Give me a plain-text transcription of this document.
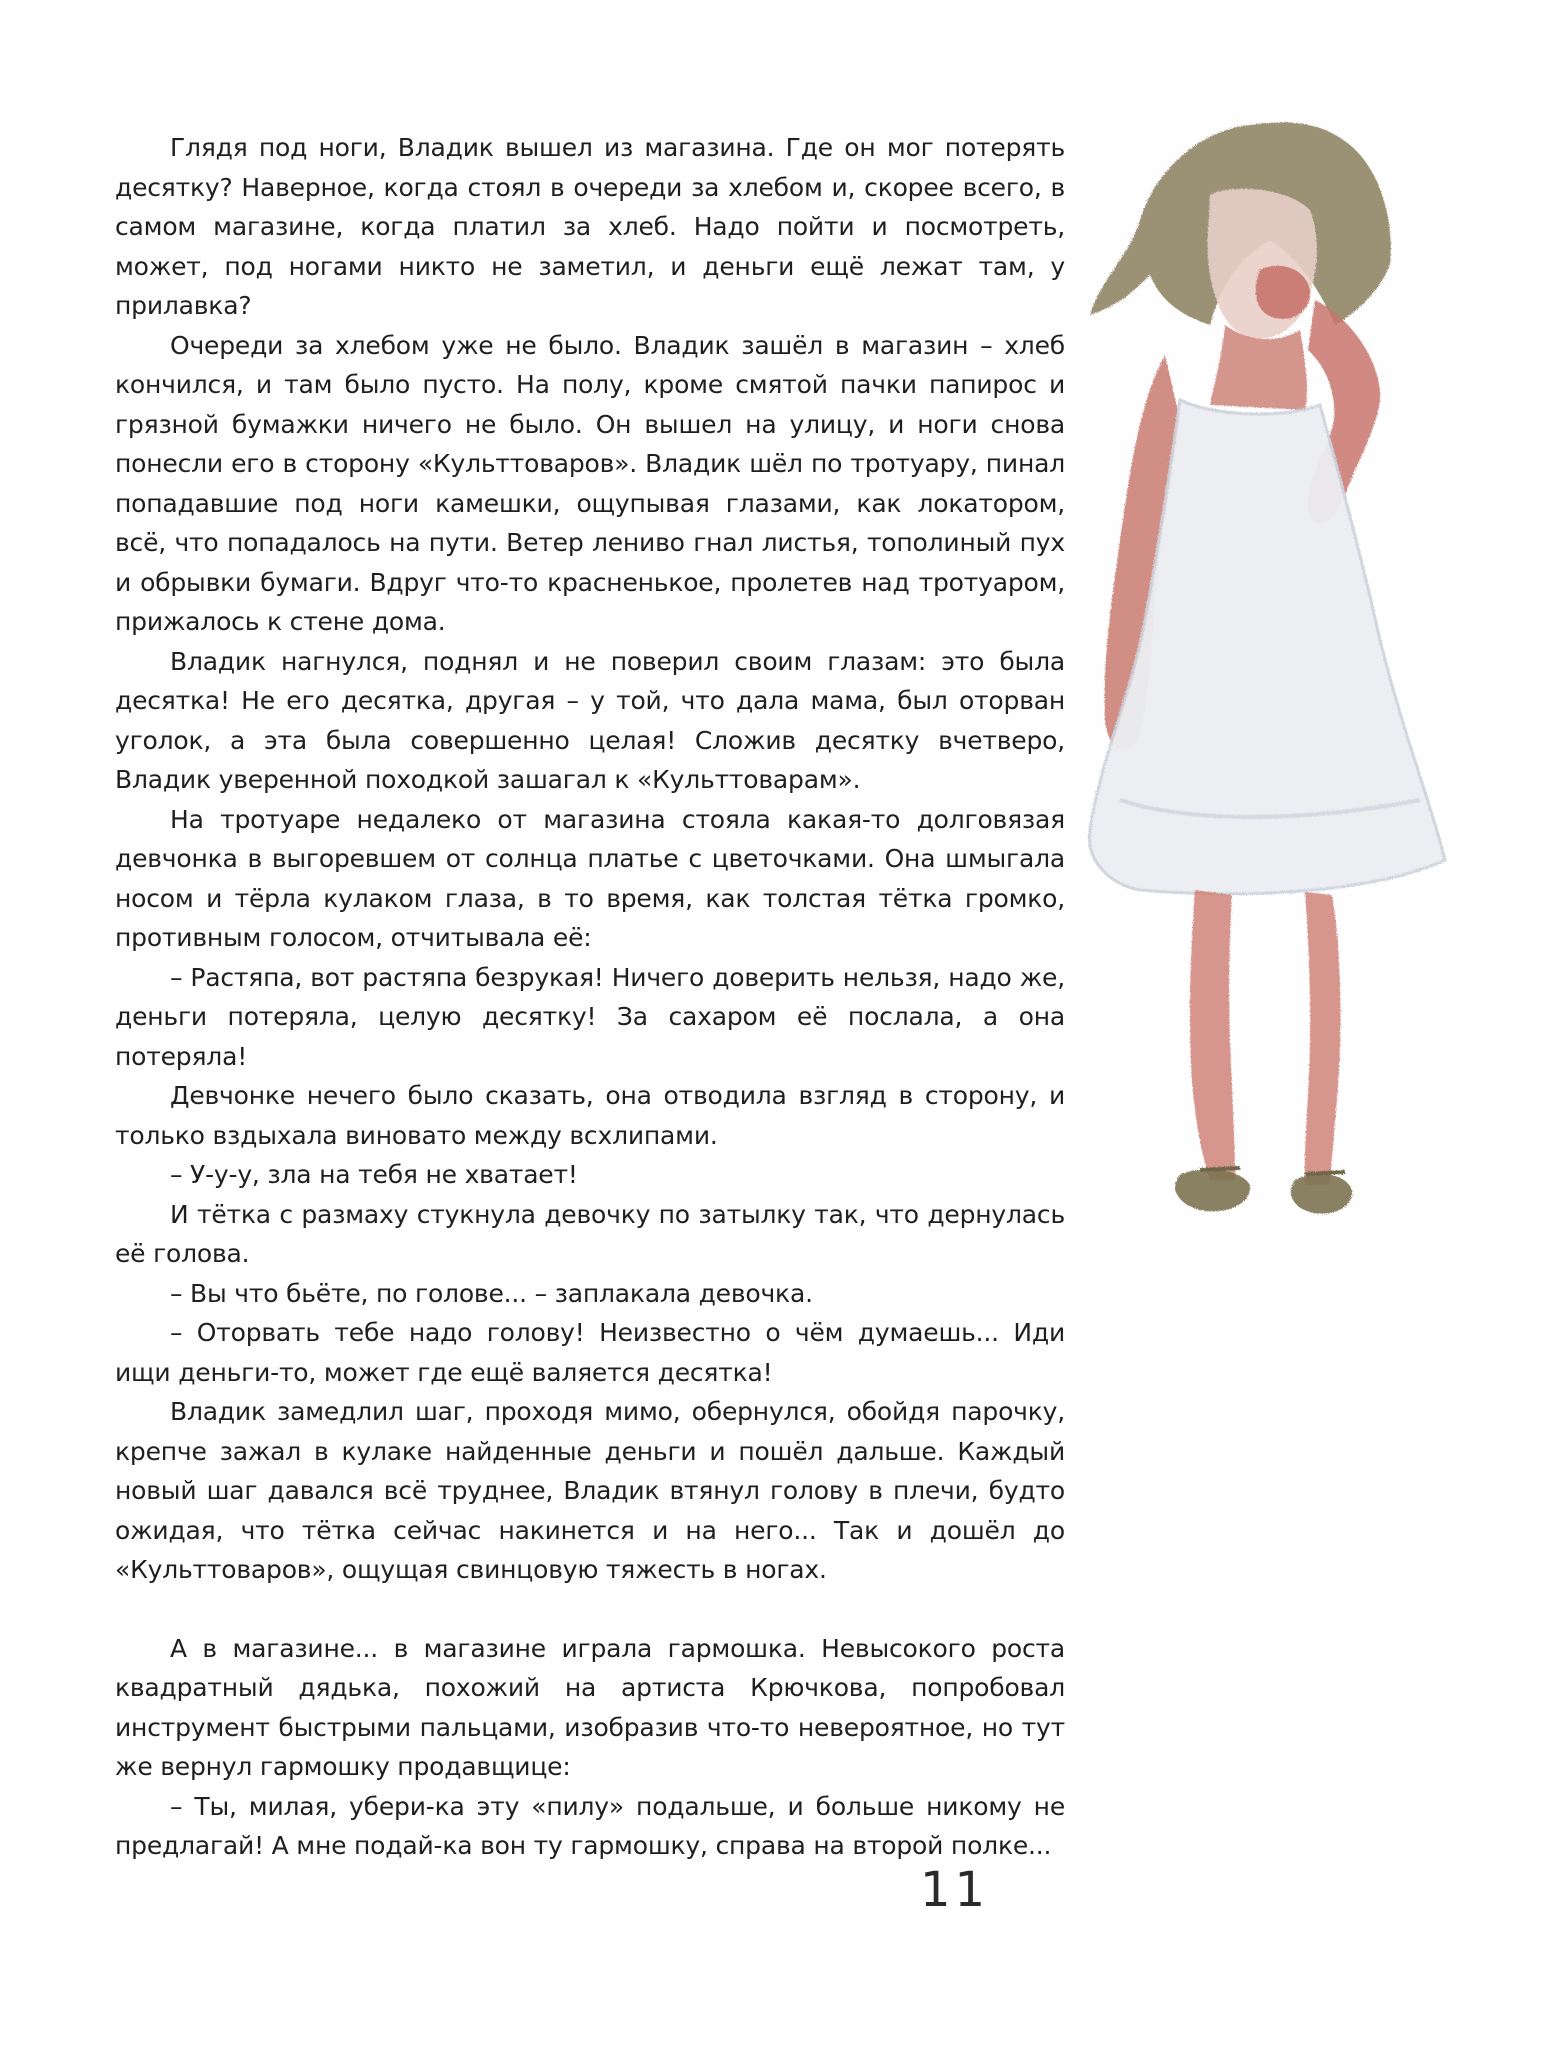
Глядя под ноги, Владик вышел из магазина. Где он мог потерять десятку? Наверное, когда стоял в очереди за хлебом и, скорее всего, в самом магазине, когда платил за хлеб. Надо пойти и посмотреть, может, под ногами никто не заметил, и деньги ещё лежат там, у прилавка?

Очереди за хлебом уже не было. Владик зашёл в магазин – хлеб кончился, и там было пусто. На полу, кроме смятой пачки папирос и грязной бумажки ничего не было. Он вышел на улицу, и ноги снова понесли его в сторону «Культтоваров». Владик шёл по тротуару, пинал попадавшие под ноги камешки, ощупывая глазами, как локатором, всё, что попадалось на пути. Ветер лениво гнал листья, тополиный пух и обрывки бумаги. Вдруг что-то красненькое, пролетев над тротуаром, прижалось к стене дома.

Владик нагнулся, поднял и не поверил своим глазам: это была десятка! Не его десятка, другая – у той, что дала мама, был оторван уголок, а эта была совершенно целая! Сложив десятку вчетверо, Владик уверенной походкой зашагал к «Культтоварам».

На тротуаре недалеко от магазина стояла какая-то долговязая девчонка в выгоревшем от солнца платье с цветочками. Она шмыгала носом и тёрла кулаком глаза, в то время, как толстая тётка громко, противным голосом, отчитывала её:

– Растяпа, вот растяпа безрукая! Ничего доверить нельзя, надо же, деньги потеряла, целую десятку! За сахаром её послала, а она потеряла!

Девчонке нечего было сказать, она отводила взгляд в сторону, и только вздыхала виновато между всхлипами.

– У-у-у, зла на тебя не хватает!

И тётка с размаху стукнула девочку по затылку так, что дернулась её голова.

– Вы что бьёте, по голове... – заплакала девочка.

– Оторвать тебе надо голову! Неизвестно о чём думаешь... Иди ищи деньги-то, может где ещё валяется десятка!

Владик замедлил шаг, проходя мимо, обернулся, обойдя парочку, крепче зажал в кулаке найденные деньги и пошёл дальше. Каждый новый шаг давался всё труднее, Владик втянул голову в плечи, будто ожидая, что тётка сейчас накинется и на него... Так и дошёл до «Культтоваров», ощущая свинцовую тяжесть в ногах.

А в магазине... в магазине играла гармошка. Невысокого роста квадратный дядька, похожий на артиста Крючкова, попробовал инструмент быстрыми пальцами, изобразив что-то невероятное, но тут же вернул гармошку продавщице:

– Ты, милая, убери-ка эту «пилу» подальше, и больше никому не предлагай! А мне подай-ка вон ту гармошку, справа на второй полке...

11
